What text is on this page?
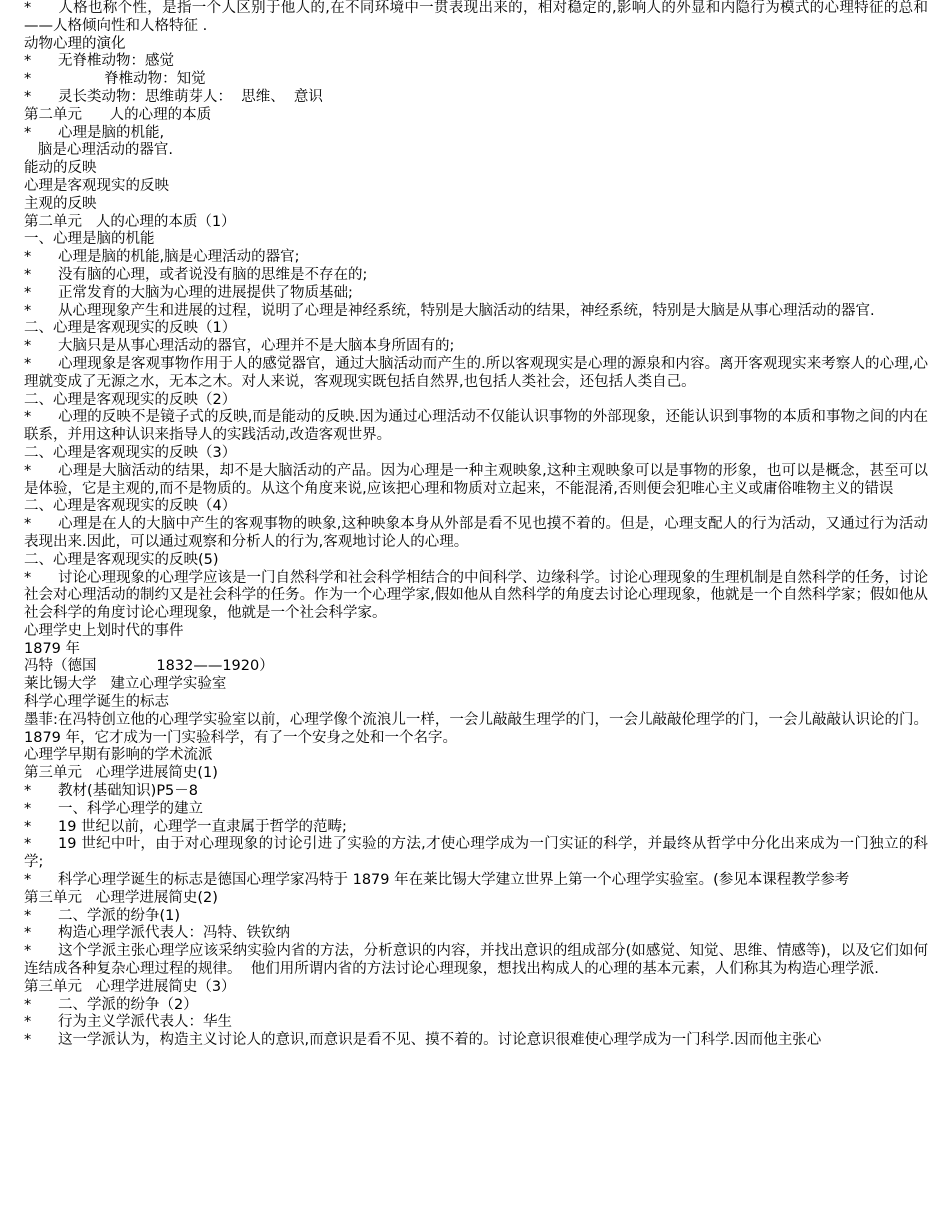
* 人格也称个性，是指一个人区别于他人的,在不同环境中一贯表现出来的，相对稳定的,影响人的外显和内隐行为模式的心理特征的总和——人格倾向性和人格特征 .

动物心理的演化

* 无脊椎动物：感觉

*          脊椎动物：知觉

* 灵长类动物：思维萌芽人：  思维、  意识

第二单元      人的心理的本质

* 心理是脑的机能,

脑是心理活动的器官.

能动的反映

心理是客观现实的反映

主观的反映

第二单元   人的心理的本质（1）

一、心理是脑的机能

* 心理是脑的机能,脑是心理活动的器官;

* 没有脑的心理，或者说没有脑的思维是不存在的;

* 正常发育的大脑为心理的进展提供了物质基础;

* 从心理现象产生和进展的过程，说明了心理是神经系统，特别是大脑活动的结果，神经系统，特别是大脑是从事心理活动的器官.

二、心理是客观现实的反映（1）

* 大脑只是从事心理活动的器官，心理并不是大脑本身所固有的;

* 心理现象是客观事物作用于人的感觉器官，通过大脑活动而产生的.所以客观现实是心理的源泉和内容。离开客观现实来考察人的心理,心理就变成了无源之水，无本之木。对人来说，客观现实既包括自然界,也包括人类社会，还包括人类自己。

二、心理是客观现实的反映（2）

* 心理的反映不是镜子式的反映,而是能动的反映.因为通过心理活动不仅能认识事物的外部现象，还能认识到事物的本质和事物之间的内在联系，并用这种认识来指导人的实践活动,改造客观世界。

二、心理是客观现实的反映（3）

* 心理是大脑活动的结果，却不是大脑活动的产品。因为心理是一种主观映象,这种主观映象可以是事物的形象，也可以是概念，甚至可以是体验，它是主观的,而不是物质的。从这个角度来说,应该把心理和物质对立起来，不能混淆,否则便会犯唯心主义或庸俗唯物主义的错误

二、心理是客观现实的反映（4）

* 心理是在人的大脑中产生的客观事物的映象,这种映象本身从外部是看不见也摸不着的。但是，心理支配人的行为活动，又通过行为活动表现出来.因此，可以通过观察和分析人的行为,客观地讨论人的心理。

二、心理是客观现实的反映(5)

* 讨论心理现象的心理学应该是一门自然科学和社会科学相结合的中间科学、边缘科学。讨论心理现象的生理机制是自然科学的任务，讨论社会对心理活动的制约又是社会科学的任务。作为一个心理学家,假如他从自然科学的角度去讨论心理现象，他就是一个自然科学家；假如他从社会科学的角度讨论心理现象，他就是一个社会科学家。

心理学史上划时代的事件

1879 年

冯特（德国             1832——1920）

莱比锡大学   建立心理学实验室

科学心理学诞生的标志

墨菲:在冯特创立他的心理学实验室以前，心理学像个流浪儿一样，一会儿敲敲生理学的门，一会儿敲敲伦理学的门，一会儿敲敲认识论的门。1879 年，它才成为一门实验科学，有了一个安身之处和一个名字。

心理学早期有影响的学术流派

第三单元   心理学进展简史(1)

* 教材(基础知识)P5－8

* 一、科学心理学的建立

* 19 世纪以前，心理学一直隶属于哲学的范畴;

* 19 世纪中叶，由于对心理现象的讨论引进了实验的方法,才使心理学成为一门实证的科学，并最终从哲学中分化出来成为一门独立的科学;

* 科学心理学诞生的标志是德国心理学家冯特于 1879 年在莱比锡大学建立世界上第一个心理学实验室。(参见本课程教学参考

第三单元   心理学进展简史(2)

* 二、学派的纷争(1)

* 构造心理学派代表人：冯特、铁钦纳

* 这个学派主张心理学应该采纳实验内省的方法，分析意识的内容，并找出意识的组成部分(如感觉、知觉、思维、情感等)，以及它们如何连结成各种复杂心理过程的规律。  他们用所谓内省的方法讨论心理现象，想找出构成人的心理的基本元素，人们称其为构造心理学派.

第三单元   心理学进展简史（3）

* 二、学派的纷争（2）

* 行为主义学派代表人：华生

* 这一学派认为，构造主义讨论人的意识,而意识是看不见、摸不着的。讨论意识很难使心理学成为一门科学.因而他主张心
